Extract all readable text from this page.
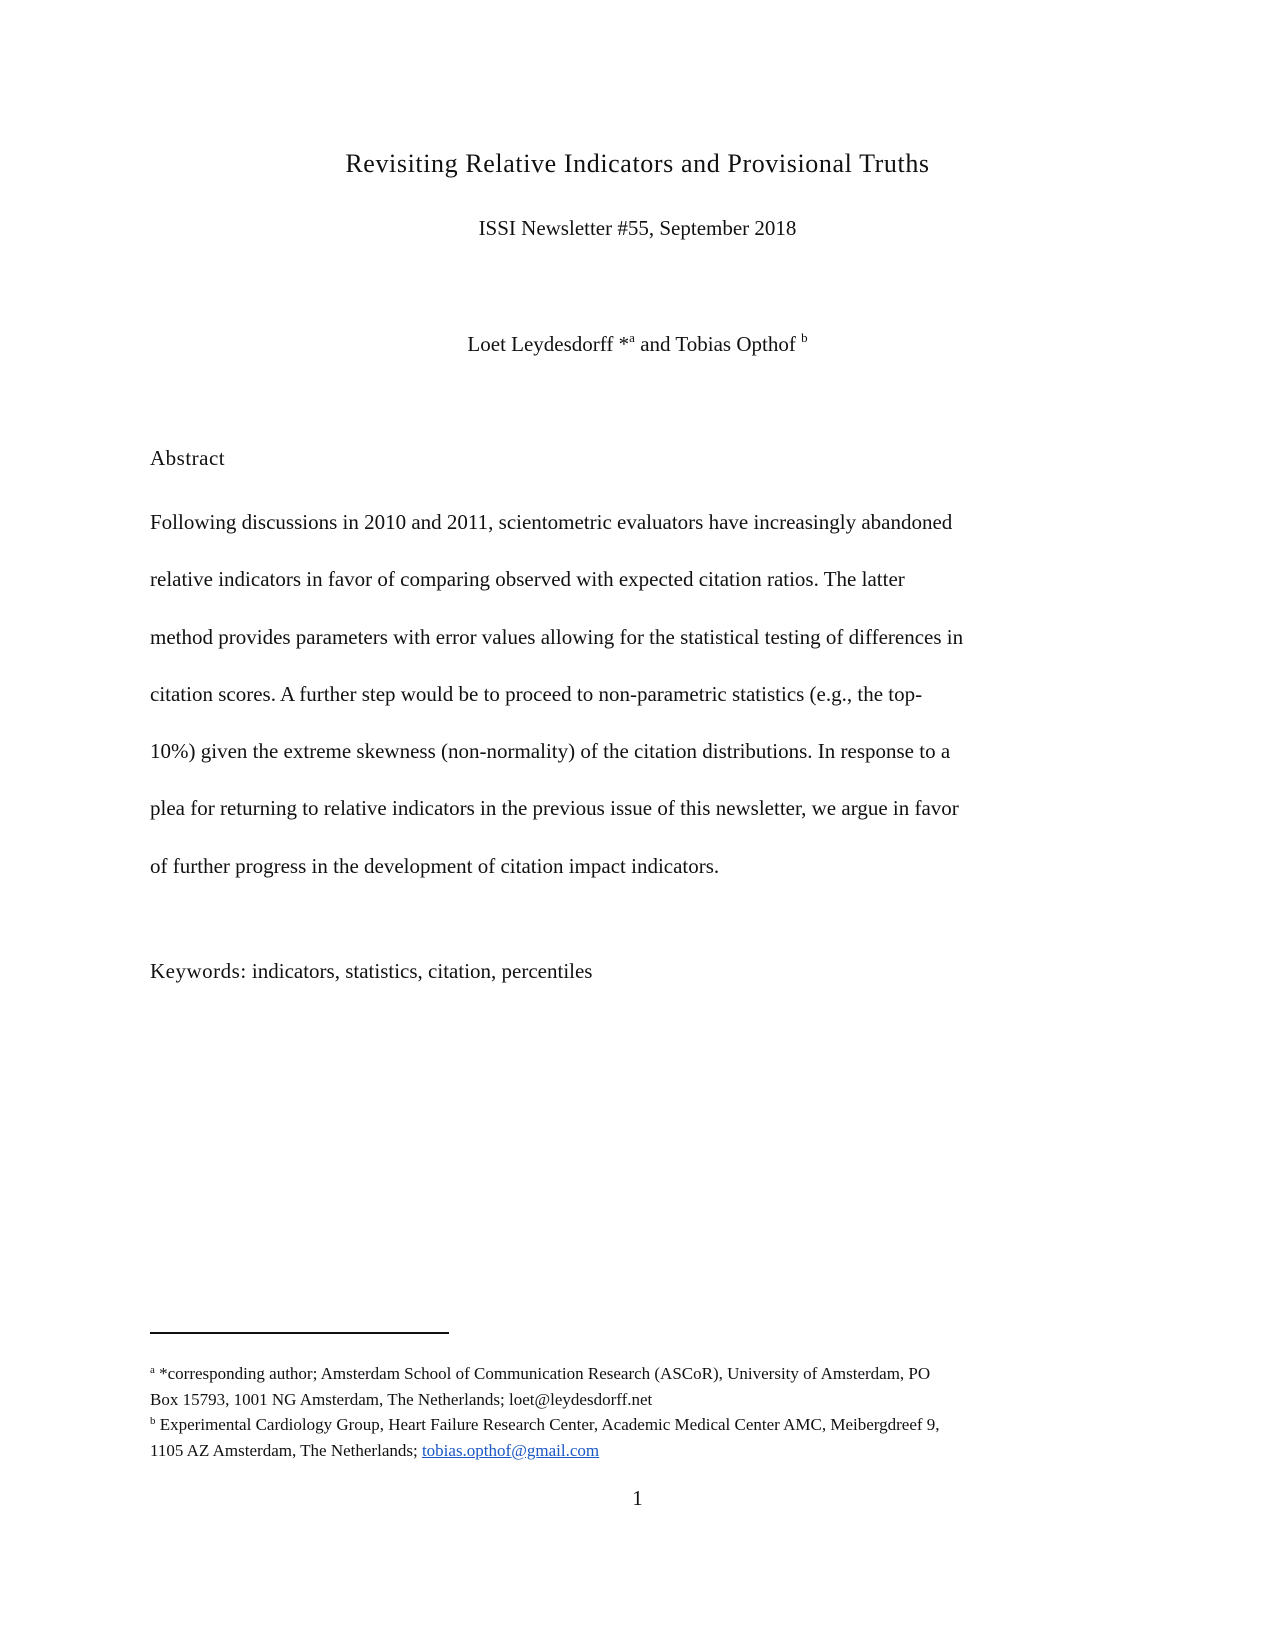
Revisiting Relative Indicators and Provisional Truths
ISSI Newsletter #55, September 2018
Loet Leydesdorff *$^a$ and Tobias Opthof $^b$
Abstract
Following discussions in 2010 and 2011, scientometric evaluators have increasingly abandoned
relative indicators in favor of comparing observed with expected citation ratios. The latter
method provides parameters with error values allowing for the statistical testing of differences in
citation scores. A further step would be to proceed to non-parametric statistics (e.g., the top-
10%) given the extreme skewness (non-normality) of the citation distributions. In response to a
plea for returning to relative indicators in the previous issue of this newsletter, we argue in favor
of further progress in the development of citation impact indicators.
Keywords: indicators, statistics, citation, percentiles
$^a$ *corresponding author; Amsterdam School of Communication Research (ASCoR), University of Amsterdam, PO
Box 15793, 1001 NG Amsterdam, The Netherlands; loet@leydesdorff.net
$^b$ Experimental Cardiology Group, Heart Failure Research Center, Academic Medical Center AMC, Meibergdreef 9,
1105 AZ Amsterdam, The Netherlands; tobias.opthof@gmail.com
1
